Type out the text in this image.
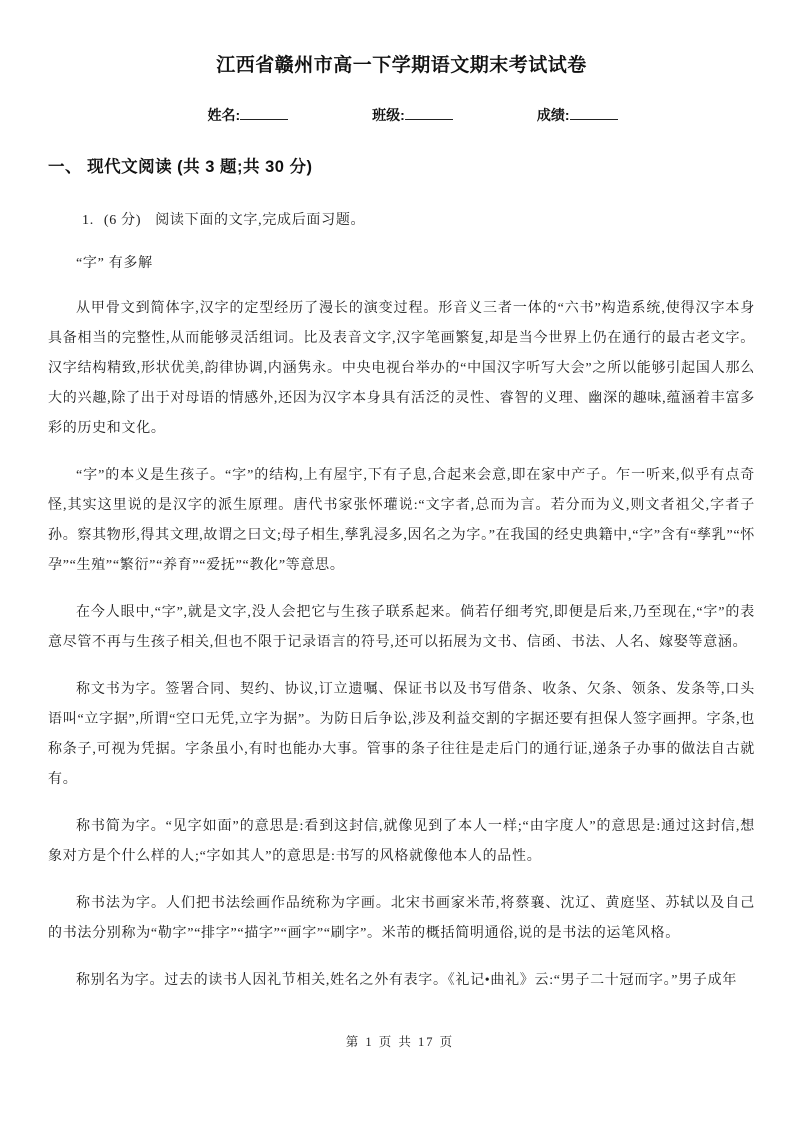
江西省赣州市高一下学期语文期末考试试卷
姓名:	班级:	成绩:
一、 现代文阅读 (共 3 题;共 30 分)

1. (6 分) 阅读下面的文字,完成后面习题。

“字” 有多解

从甲骨文到简体字,汉字的定型经历了漫长的演变过程。形音义三者一体的“六书”构造系统,使得汉字本身具备相当的完整性,从而能够灵活组词。比及表音文字,汉字笔画繁复,却是当今世界上仍在通行的最古老文字。汉字结构精致,形状优美,韵律协调,内涵隽永。中央电视台举办的“中国汉字听写大会”之所以能够引起国人那么大的兴趣,除了出于对母语的情感外,还因为汉字本身具有活泛的灵性、睿智的义理、幽深的趣味,蕴涵着丰富多彩的历史和文化。

“字”的本义是生孩子。“字”的结构,上有屋宇,下有子息,合起来会意,即在家中产子。乍一听来,似乎有点奇怪,其实这里说的是汉字的派生原理。唐代书家张怀瓘说:“文字者,总而为言。若分而为义,则文者祖父,字者子孙。察其物形,得其文理,故谓之曰文;母子相生,孳乳浸多,因名之为字。”在我国的经史典籍中,“字”含有“孳乳”“怀孕”“生殖”“繁衍”“养育”“爱抚”“教化”等意思。

在今人眼中,“字”,就是文字,没人会把它与生孩子联系起来。倘若仔细考究,即便是后来,乃至现在,“字”的表意尽管不再与生孩子相关,但也不限于记录语言的符号,还可以拓展为文书、信函、书法、人名、嫁娶等意涵。

称文书为字。签署合同、契约、协议,订立遗嘱、保证书以及书写借条、收条、欠条、领条、发条等,口头语叫“立字据”,所谓“空口无凭,立字为据”。为防日后争讼,涉及利益交割的字据还要有担保人签字画押。字条,也称条子,可视为凭据。字条虽小,有时也能办大事。管事的条子往往是走后门的通行证,递条子办事的做法自古就有。

称书简为字。“见字如面”的意思是:看到这封信,就像见到了本人一样;“由字度人”的意思是:通过这封信,想象对方是个什么样的人;“字如其人”的意思是:书写的风格就像他本人的品性。

称书法为字。人们把书法绘画作品统称为字画。北宋书画家米芾,将蔡襄、沈辽、黄庭坚、苏轼以及自己的书法分别称为“勒字”“排字”“描字”“画字”“刷字”。米芾的概括简明通俗,说的是书法的运笔风格。

称别名为字。过去的读书人因礼节相关,姓名之外有表字。《礼记•曲礼》云:“男子二十冠而字。”男子成年

第 1 页 共 17 页
